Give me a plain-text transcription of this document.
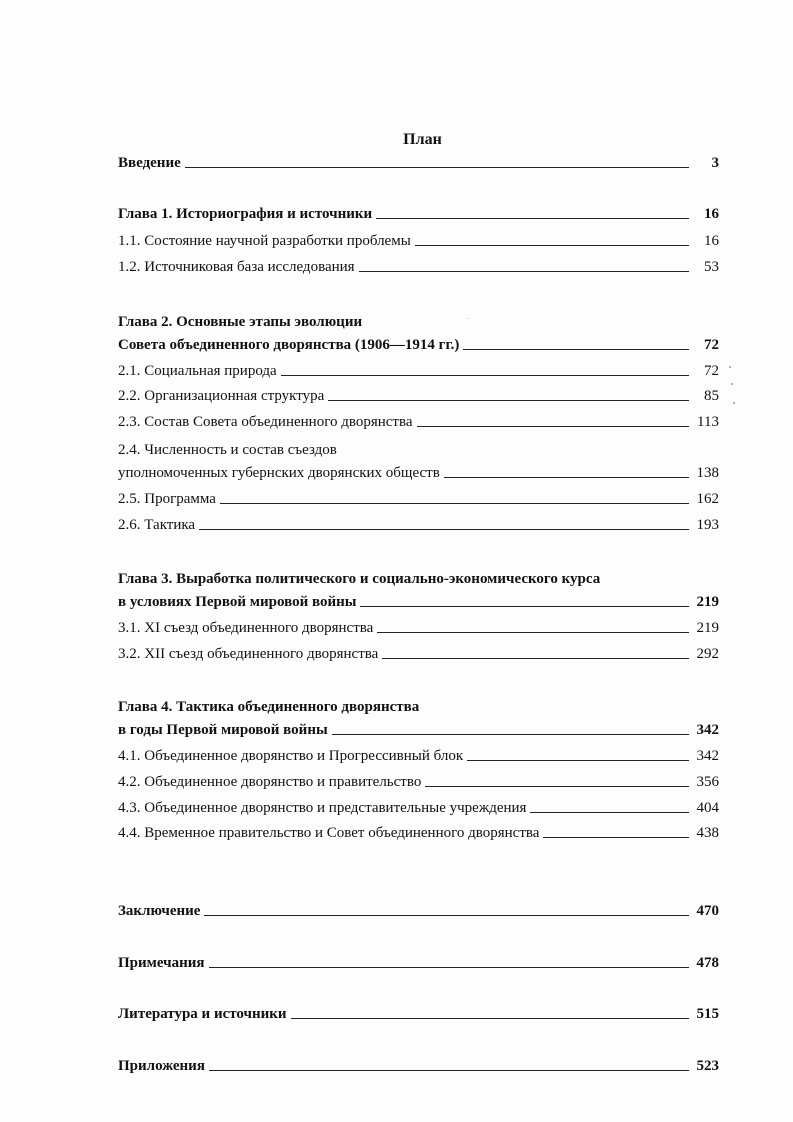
План
Введение	3
Глава 1. Историография и источники	16
1.1. Состояние научной разработки проблемы	16
1.2. Источниковая база исследования	53
Глава 2. Основные этапы эволюции
Совета объединенного дворянства (1906—1914 гг.)	72
2.1. Социальная природа	72
2.2. Организационная структура	85
2.3. Состав Совета объединенного дворянства	113
2.4. Численность и состав съездов
уполномоченных губернских дворянских обществ	138
2.5. Программа	162
2.6. Тактика	193
Глава 3. Выработка политического и социально-экономического курса
в условиях Первой мировой войны	219
3.1. XI съезд объединенного дворянства	219
3.2. XII съезд объединенного дворянства	292
Глава 4. Тактика объединенного дворянства
в годы Первой мировой войны	342
4.1. Объединенное дворянство и Прогрессивный блок	342
4.2. Объединенное дворянство и правительство	356
4.3. Объединенное дворянство и представительные учреждения	404
4.4. Временное правительство и Совет объединенного дворянства	438
Заключение	470
Примечания	478
Литература и источники	515
Приложения	523
